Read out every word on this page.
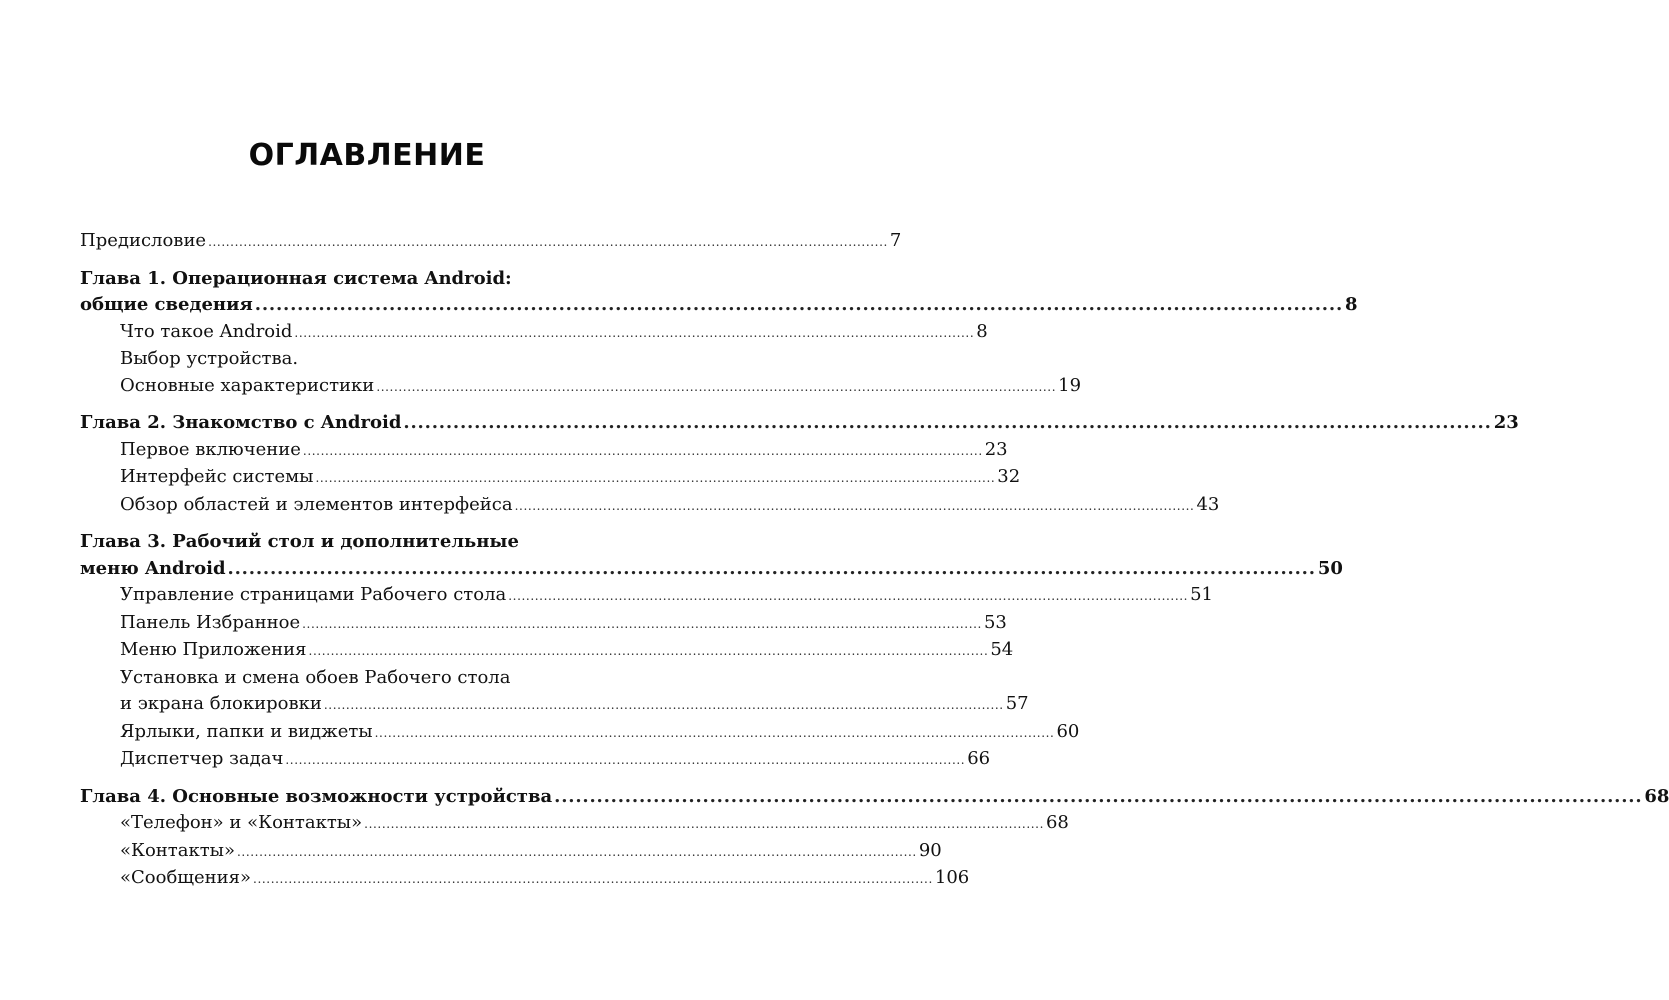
ОГЛАВЛЕНИЕ
Предисловие .......................................................................................................................................................... 7
Глава 1. Операционная система Android:
общие сведения .......................................................................................................................................................... 8
Что такое Android .......................................................................................................................................................... 8
Выбор устройства.
Основные характеристики .......................................................................................................................................................... 19
Глава 2. Знакомство с Android .......................................................................................................................................................... 23
Первое включение .......................................................................................................................................................... 23
Интерфейс системы .......................................................................................................................................................... 32
Обзор областей и элементов интерфейса .......................................................................................................................................................... 43
Глава 3. Рабочий стол и дополнительные
меню Android .......................................................................................................................................................... 50
Управление страницами Рабочего стола .......................................................................................................................................................... 51
Панель Избранное .......................................................................................................................................................... 53
Меню Приложения .......................................................................................................................................................... 54
Установка и смена обоев Рабочего стола
и экрана блокировки .......................................................................................................................................................... 57
Ярлыки, папки и виджеты .......................................................................................................................................................... 60
Диспетчер задач .......................................................................................................................................................... 66
Глава 4. Основные возможности устройства .......................................................................................................................................................... 68
«Телефон» и «Контакты» .......................................................................................................................................................... 68
«Контакты» .......................................................................................................................................................... 90
«Сообщения» .......................................................................................................................................................... 106
